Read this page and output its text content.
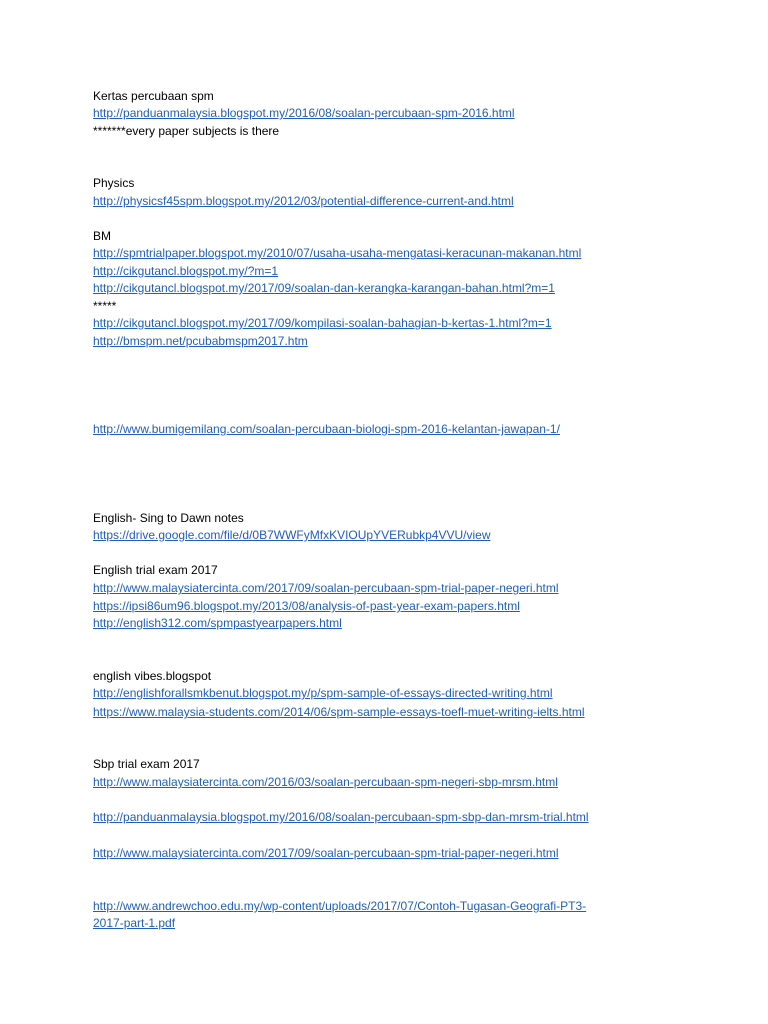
Kertas percubaan spm
http://panduanmalaysia.blogspot.my/2016/08/soalan-percubaan-spm-2016.html
*******every paper subjects is there
Physics
http://physicsf45spm.blogspot.my/2012/03/potential-difference-current-and.html
BM
http://spmtrialpaper.blogspot.my/2010/07/usaha-usaha-mengatasi-keracunan-makanan.html
http://cikgutancl.blogspot.my/?m=1
http://cikgutancl.blogspot.my/2017/09/soalan-dan-kerangka-karangan-bahan.html?m=1
*****
http://cikgutancl.blogspot.my/2017/09/kompilasi-soalan-bahagian-b-kertas-1.html?m=1
http://bmspm.net/pcubabmspm2017.htm
http://www.bumigemilang.com/soalan-percubaan-biologi-spm-2016-kelantan-jawapan-1/
English- Sing to Dawn notes
https://drive.google.com/file/d/0B7WWFyMfxKVIOUpYVERubkp4VVU/view
English trial exam 2017
http://www.malaysiatercinta.com/2017/09/soalan-percubaan-spm-trial-paper-negeri.html
https://ipsi86um96.blogspot.my/2013/08/analysis-of-past-year-exam-papers.html
http://english312.com/spmpastyearpapers.html
english vibes.blogspot
http://englishforallsmkbenut.blogspot.my/p/spm-sample-of-essays-directed-writing.html
https://www.malaysia-students.com/2014/06/spm-sample-essays-toefl-muet-writing-ielts.html
Sbp trial exam 2017
http://www.malaysiatercinta.com/2016/03/soalan-percubaan-spm-negeri-sbp-mrsm.html
http://panduanmalaysia.blogspot.my/2016/08/soalan-percubaan-spm-sbp-dan-mrsm-trial.html
http://www.malaysiatercinta.com/2017/09/soalan-percubaan-spm-trial-paper-negeri.html
http://www.andrewchoo.edu.my/wp-content/uploads/2017/07/Contoh-Tugasan-Geografi-PT3-
2017-part-1.pdf
